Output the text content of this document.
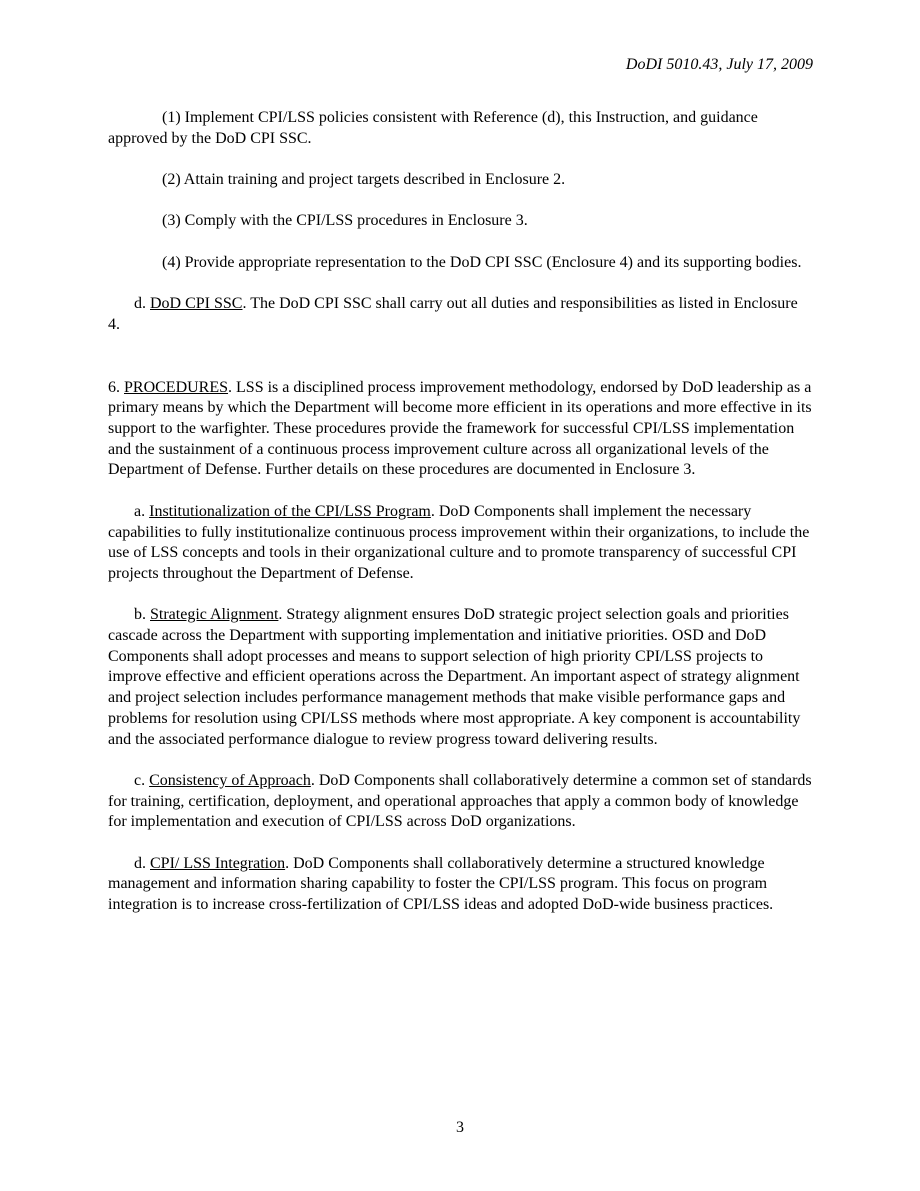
DoDI 5010.43, July 17, 2009

(1) Implement CPI/LSS policies consistent with Reference (d), this Instruction, and guidance approved by the DoD CPI SSC.

(2) Attain training and project targets described in Enclosure 2.

(3) Comply with the CPI/LSS procedures in Enclosure 3.

(4) Provide appropriate representation to the DoD CPI SSC (Enclosure 4) and its supporting bodies.

d. DoD CPI SSC. The DoD CPI SSC shall carry out all duties and responsibilities as listed in Enclosure 4.

6. PROCEDURES. LSS is a disciplined process improvement methodology, endorsed by DoD leadership as a primary means by which the Department will become more efficient in its operations and more effective in its support to the warfighter. These procedures provide the framework for successful CPI/LSS implementation and the sustainment of a continuous process improvement culture across all organizational levels of the Department of Defense. Further details on these procedures are documented in Enclosure 3.

a. Institutionalization of the CPI/LSS Program. DoD Components shall implement the necessary capabilities to fully institutionalize continuous process improvement within their organizations, to include the use of LSS concepts and tools in their organizational culture and to promote transparency of successful CPI projects throughout the Department of Defense.

b. Strategic Alignment. Strategy alignment ensures DoD strategic project selection goals and priorities cascade across the Department with supporting implementation and initiative priorities. OSD and DoD Components shall adopt processes and means to support selection of high priority CPI/LSS projects to improve effective and efficient operations across the Department. An important aspect of strategy alignment and project selection includes performance management methods that make visible performance gaps and problems for resolution using CPI/LSS methods where most appropriate. A key component is accountability and the associated performance dialogue to review progress toward delivering results.

c. Consistency of Approach. DoD Components shall collaboratively determine a common set of standards for training, certification, deployment, and operational approaches that apply a common body of knowledge for implementation and execution of CPI/LSS across DoD organizations.

d. CPI/ LSS Integration. DoD Components shall collaboratively determine a structured knowledge management and information sharing capability to foster the CPI/LSS program. This focus on program integration is to increase cross-fertilization of CPI/LSS ideas and adopted DoD-wide business practices.

3
